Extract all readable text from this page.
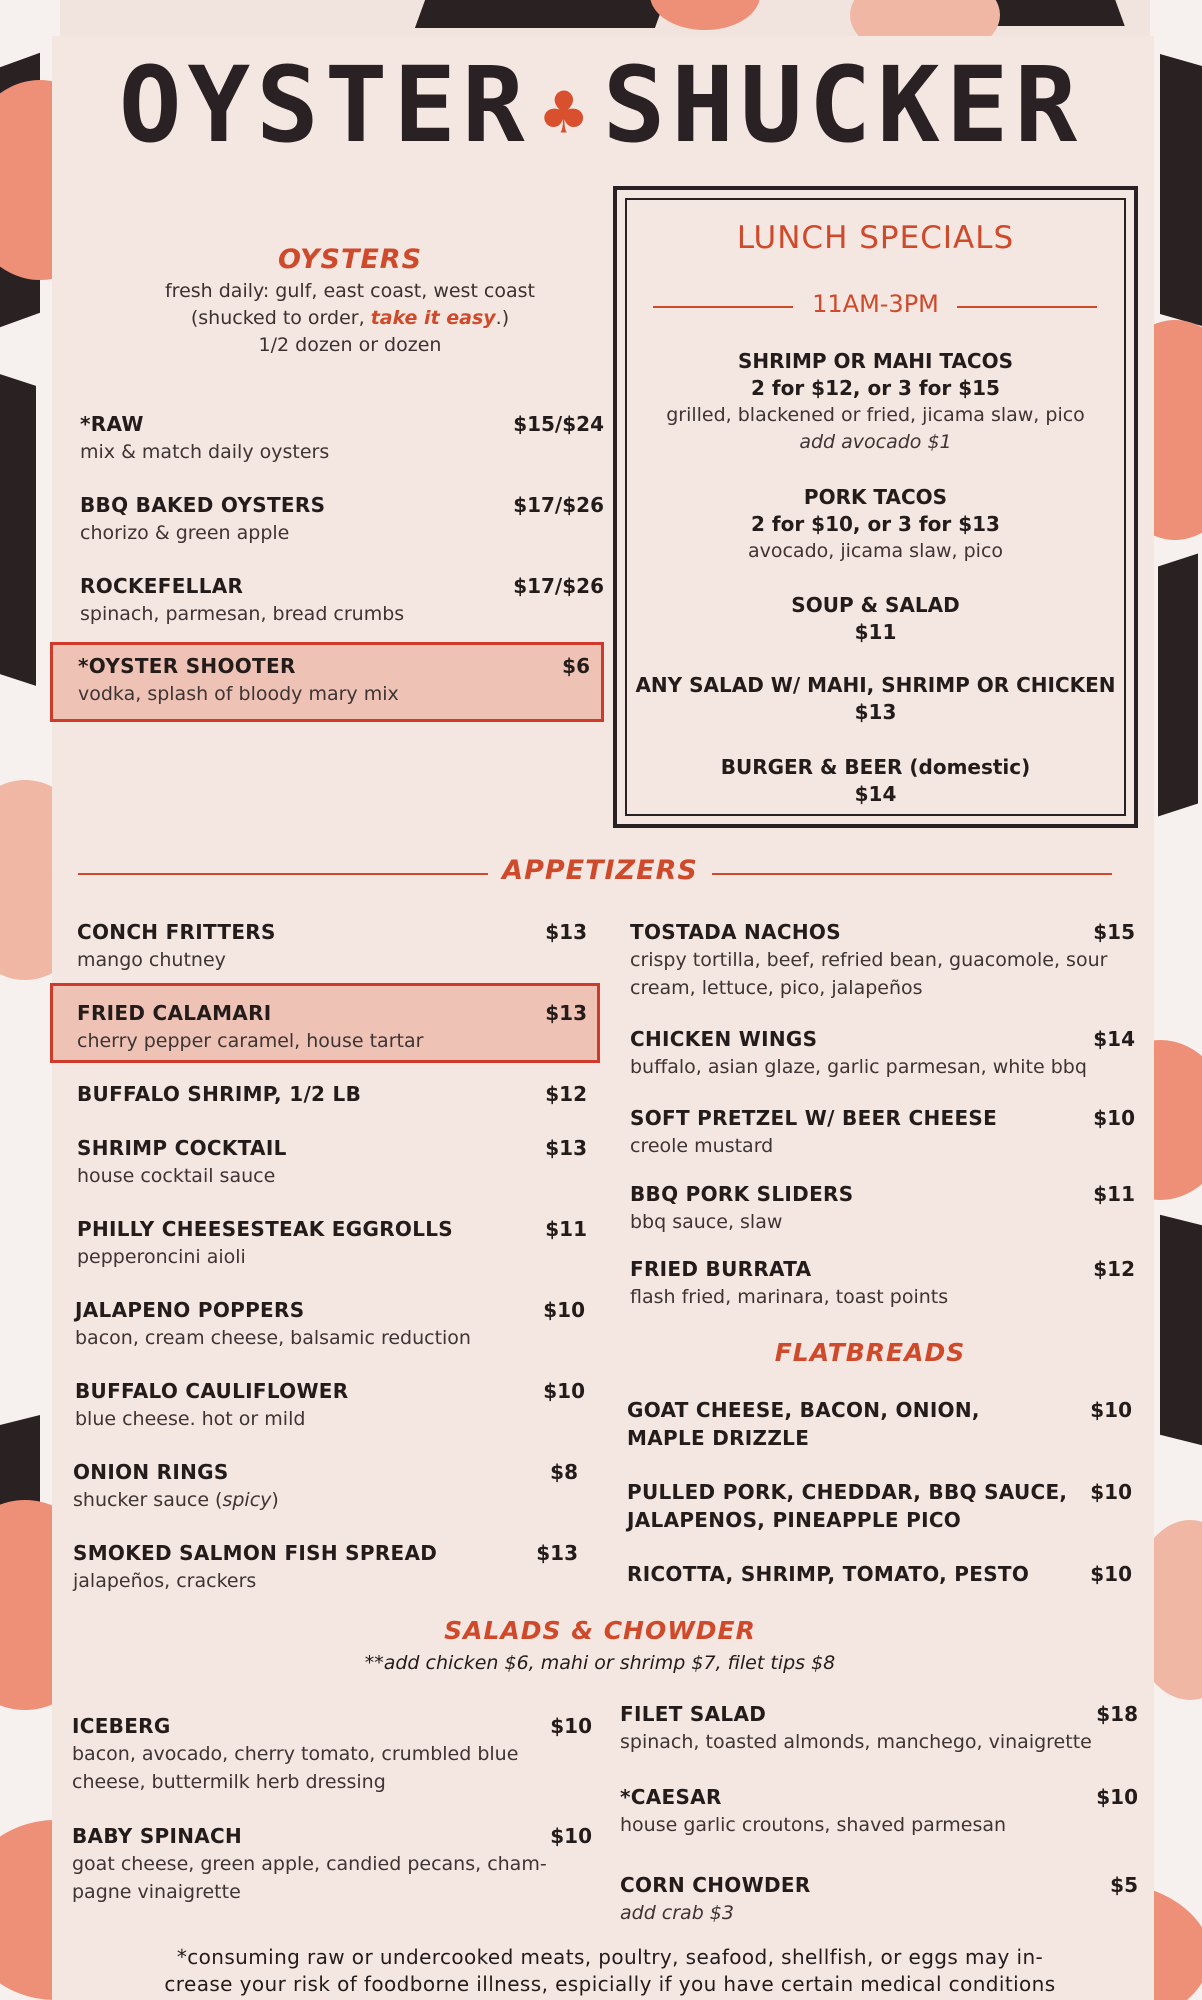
OYSTER ♣ SHUCKER
OYSTERS
fresh daily: gulf, east coast, west coast
(shucked to order, take it easy.)
1/2 dozen or dozen
*RAW
mix & match daily oysters
$15/$24
BBQ BAKED OYSTERS
chorizo & green apple
$17/$26
ROCKEFELLAR
spinach, parmesan, bread crumbs
$17/$26
*OYSTER SHOOTER
vodka, splash of bloody mary mix
$6
LUNCH SPECIALS
11AM-3PM
SHRIMP OR MAHI TACOS
2 for $12, or 3 for $15
grilled, blackened or fried, jicama slaw, pico
add avocado $1
PORK TACOS
2 for $10, or 3 for $13
avocado, jicama slaw, pico
SOUP & SALAD
$11
ANY SALAD W/ MAHI, SHRIMP OR CHICKEN
$13
BURGER & BEER (domestic)
$14
APPETIZERS
CONCH FRITTERS
mango chutney
$13
FRIED CALAMARI
cherry pepper caramel, house tartar
$13
BUFFALO SHRIMP, 1/2 LB	$12
SHRIMP COCKTAIL
house cocktail sauce
$13
PHILLY CHEESESTEAK EGGROLLS
pepperoncini aioli
$11
JALAPENO POPPERS
bacon, cream cheese, balsamic reduction
$10
BUFFALO CAULIFLOWER
blue cheese. hot or mild
$10
ONION RINGS
shucker sauce (spicy)
$8
SMOKED SALMON FISH SPREAD
jalapeños, crackers
$13
TOSTADA NACHOS
crispy tortilla, beef, refried bean, guacomole, sour
cream, lettuce, pico, jalapeños
$15
CHICKEN WINGS
buffalo, asian glaze, garlic parmesan, white bbq
$14
SOFT PRETZEL W/ BEER CHEESE
creole mustard
$10
BBQ PORK SLIDERS
bbq sauce, slaw
$11
FRIED BURRATA
flash fried, marinara, toast points
$12
FLATBREADS
GOAT CHEESE, BACON, ONION,
MAPLE DRIZZLE
$10
PULLED PORK, CHEDDAR, BBQ SAUCE,
JALAPENOS, PINEAPPLE PICO
$10
RICOTTA, SHRIMP, TOMATO, PESTO	$10
SALADS & CHOWDER
**add chicken $6, mahi or shrimp $7, filet tips $8
ICEBERG
bacon, avocado, cherry tomato, crumbled blue
cheese, buttermilk herb dressing
$10
BABY SPINACH
goat cheese, green apple, candied pecans, cham-
pagne vinaigrette
$10
FILET SALAD
spinach, toasted almonds, manchego, vinaigrette
$18
*CAESAR
house garlic croutons, shaved parmesan
$10
CORN CHOWDER
add crab $3
$5
*consuming raw or undercooked meats, poultry, seafood, shellfish, or eggs may in-
crease your risk of foodborne illness, espicially if you have certain medical conditions
